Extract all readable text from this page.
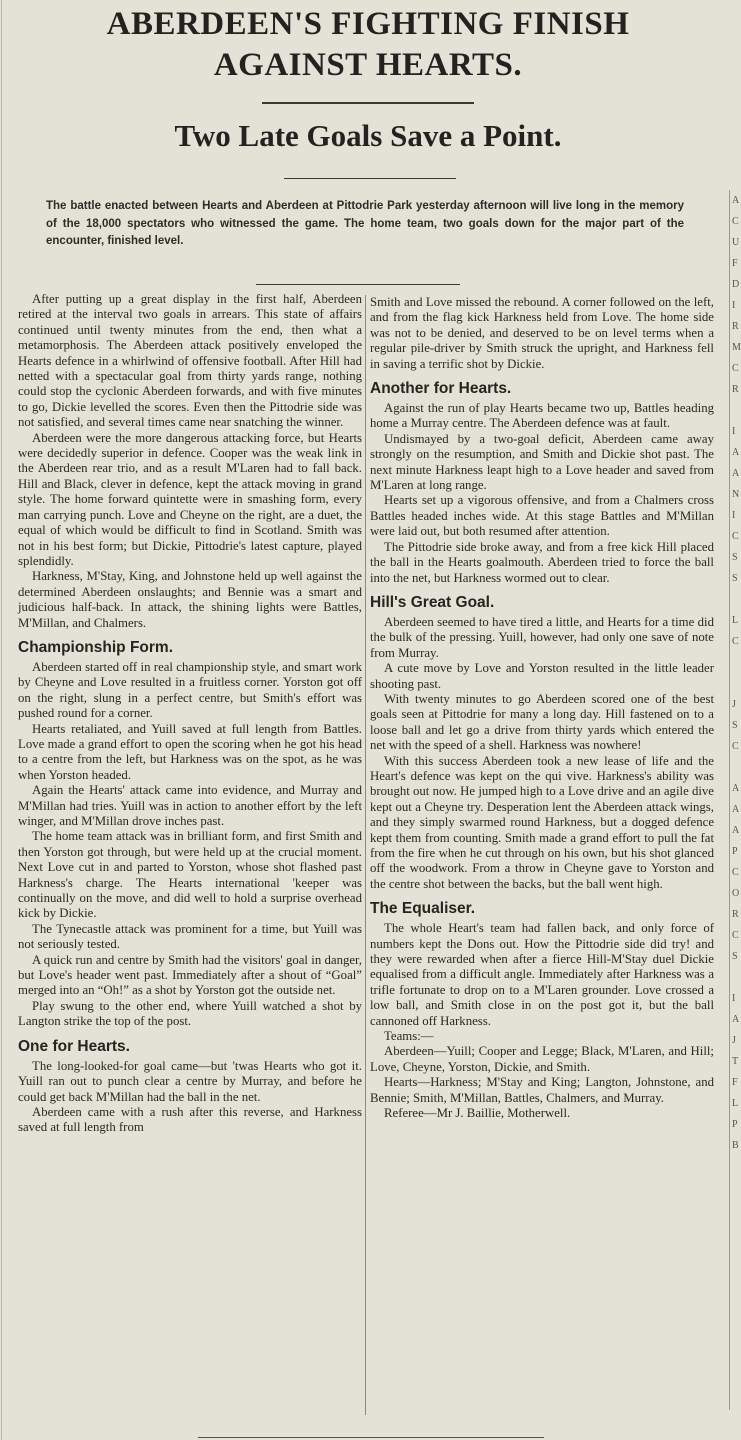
ABERDEEN'S FIGHTING FINISH
AGAINST HEARTS.
Two Late Goals Save a Point.

The battle enacted between Hearts and Aberdeen at Pittodrie Park yesterday afternoon will live long in the memory of the 18,000 spectators who witnessed the game. The home team, two goals down for the major part of the encounter, finished level.

After putting up a great display in the first half, Aberdeen retired at the interval two goals in arrears. This state of affairs continued until twenty minutes from the end, then what a metamorphosis. The Aberdeen attack positively enveloped the Hearts defence in a whirlwind of offensive football. After Hill had netted with a spectacular goal from thirty yards range, nothing could stop the cyclonic Aberdeen forwards, and with five minutes to go, Dickie levelled the scores. Even then the Pittodrie side was not satisfied, and several times came near snatching the winner.

Aberdeen were the more dangerous attacking force, but Hearts were decidedly superior in defence. Cooper was the weak link in the Aberdeen rear trio, and as a result M'Laren had to fall back. Hill and Black, clever in defence, kept the attack moving in grand style. The home forward quintette were in smashing form, every man carrying punch. Love and Cheyne on the right, are a duet, the equal of which would be difficult to find in Scotland. Smith was not in his best form; but Dickie, Pittodrie's latest capture, played splendidly.

Harkness, M'Stay, King, and Johnstone held up well against the determined Aberdeen onslaughts; and Bennie was a smart and judicious half-back. In attack, the shining lights were Battles, M'Millan, and Chalmers.

Championship Form.

Aberdeen started off in real championship style, and smart work by Cheyne and Love resulted in a fruitless corner. Yorston got off on the right, slung in a perfect centre, but Smith's effort was pushed round for a corner.

Hearts retaliated, and Yuill saved at full length from Battles. Love made a grand effort to open the scoring when he got his head to a centre from the left, but Harkness was on the spot, as he was when Yorston headed.

Again the Hearts' attack came into evidence, and Murray and M'Millan had tries. Yuill was in action to another effort by the left winger, and M'Millan drove inches past.

The home team attack was in brilliant form, and first Smith and then Yorston got through, but were held up at the crucial moment. Next Love cut in and parted to Yorston, whose shot flashed past Harkness's charge. The Hearts international 'keeper was continually on the move, and did well to hold a surprise overhead kick by Dickie.

The Tynecastle attack was prominent for a time, but Yuill was not seriously tested.

A quick run and centre by Smith had the visitors' goal in danger, but Love's header went past. Immediately after a shout of “Goal” merged into an “Oh!” as a shot by Yorston got the outside net.

Play swung to the other end, where Yuill watched a shot by Langton strike the top of the post.

One for Hearts.

The long-looked-for goal came—but 'twas Hearts who got it. Yuill ran out to punch clear a centre by Murray, and before he could get back M'Millan had the ball in the net.

Aberdeen came with a rush after this reverse, and Harkness saved at full length from

Smith and Love missed the rebound. A corner followed on the left, and from the flag kick Harkness held from Love. The home side was not to be denied, and deserved to be on level terms when a regular pile-driver by Smith struck the upright, and Harkness fell in saving a terrific shot by Dickie.

Another for Hearts.

Against the run of play Hearts became two up, Battles heading home a Murray centre. The Aberdeen defence was at fault.

Undismayed by a two-goal deficit, Aberdeen came away strongly on the resumption, and Smith and Dickie shot past. The next minute Harkness leapt high to a Love header and saved from M'Laren at long range.

Hearts set up a vigorous offensive, and from a Chalmers cross Battles headed inches wide. At this stage Battles and M'Millan were laid out, but both resumed after attention.

The Pittodrie side broke away, and from a free kick Hill placed the ball in the Hearts goalmouth. Aberdeen tried to force the ball into the net, but Harkness wormed out to clear.

Hill's Great Goal.

Aberdeen seemed to have tired a little, and Hearts for a time did the bulk of the pressing. Yuill, however, had only one save of note from Murray.

A cute move by Love and Yorston resulted in the little leader shooting past.

With twenty minutes to go Aberdeen scored one of the best goals seen at Pittodrie for many a long day. Hill fastened on to a loose ball and let go a drive from thirty yards which entered the net with the speed of a shell. Harkness was nowhere!

With this success Aberdeen took a new lease of life and the Heart's defence was kept on the qui vive. Harkness's ability was brought out now. He jumped high to a Love drive and an agile dive kept out a Cheyne try. Desperation lent the Aberdeen attack wings, and they simply swarmed round Harkness, but a dogged defence kept them from counting. Smith made a grand effort to pull the fat from the fire when he cut through on his own, but his shot glanced off the woodwork. From a throw in Cheyne gave to Yorston and the centre shot between the backs, but the ball went high.

The Equaliser.

The whole Heart's team had fallen back, and only force of numbers kept the Dons out. How the Pittodrie side did try! and they were rewarded when after a fierce Hill-M'Stay duel Dickie equalised from a difficult angle. Immediately after Harkness was a trifle fortunate to drop on to a M'Laren grounder. Love crossed a low ball, and Smith close in on the post got it, but the ball cannoned off Harkness.

Teams:—

Aberdeen—Yuill; Cooper and Legge; Black, M'Laren, and Hill; Love, Cheyne, Yorston, Dickie, and Smith.

Hearts—Harkness; M'Stay and King; Langton, Johnstone, and Bennie; Smith, M'Millan, Battles, Chalmers, and Murray.

Referee—Mr J. Baillie, Motherwell.

A
C
U
F
D
I
R
M
C
R

I
A
A
N
I
C
S
S

L
C

J
S
C

A
A
A
P
C
O
R
C
S

I
A
J
T
F
L
P
B
